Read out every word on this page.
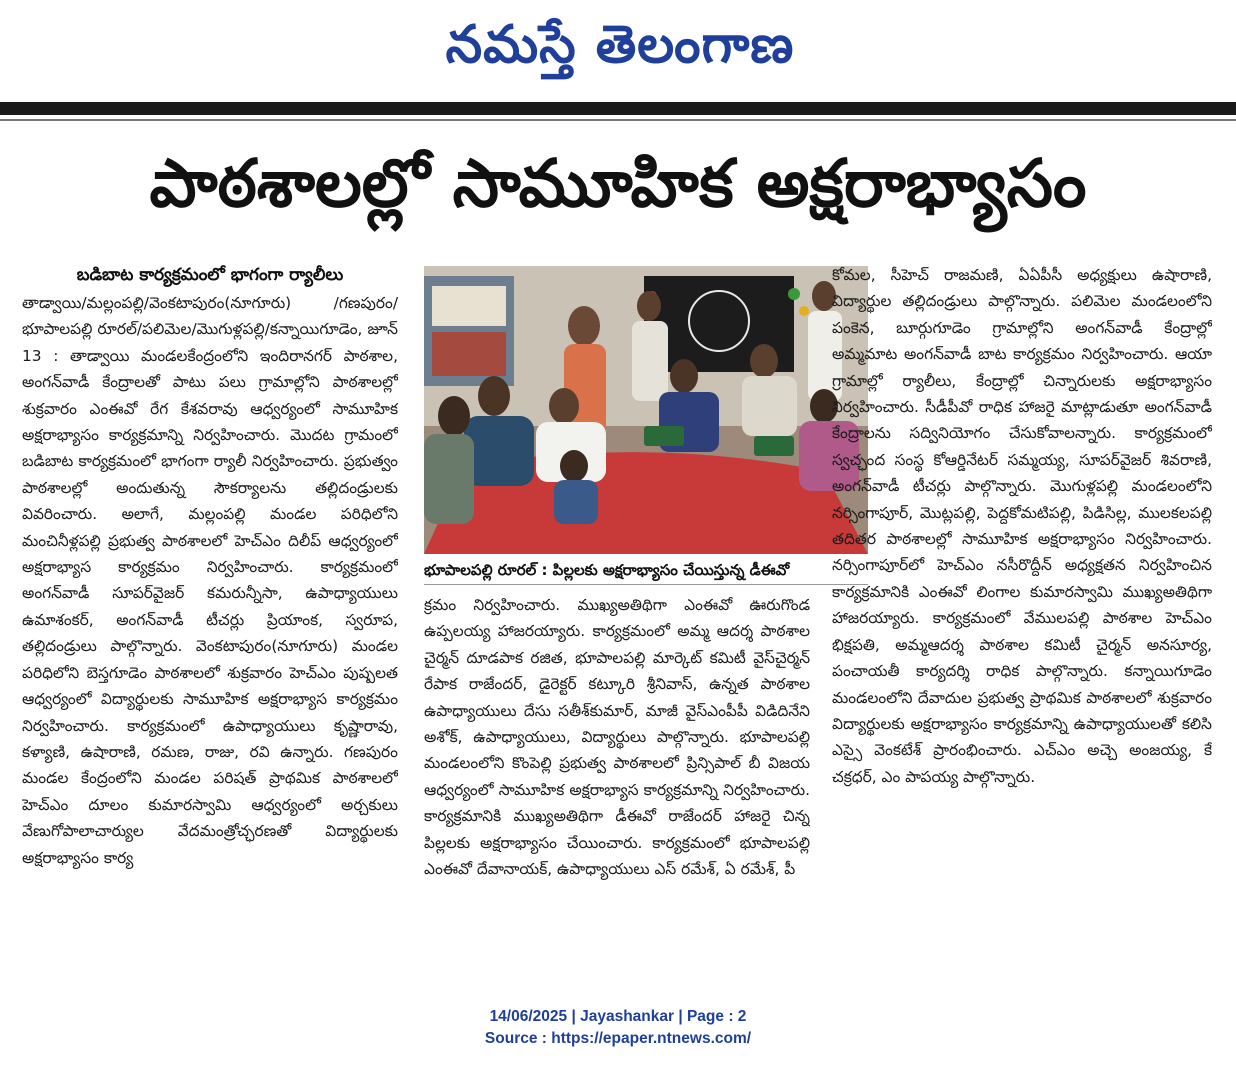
నమస్తే తెలంగాణ
పాఠశాలల్లో సామూహిక అక్షరాభ్యాసం
బడిబాట కార్యక్రమంలో భాగంగా ర్యాలీలు
తాడ్వాయి/మల్లంపల్లి/వెంకటాపురం(నూగూరు) /గణపురం/భూపాలపల్లి రూరల్/పలిమెల/మొగుళ్లపల్లి/కన్నాయిగూడెం, జూన్ 13 : తాడ్వాయి మండలకేంద్రంలోని ఇందిరానగర్ పాఠశాల, అంగన్‌వాడీ కేంద్రాలతో పాటు పలు గ్రామాల్లోని పాఠశాలల్లో శుక్రవారం ఎంఈవో రేగ కేశవరావు ఆధ్వర్యంలో సామూహిక అక్షరాభ్యాసం కార్యక్రమాన్ని నిర్వహించారు. మొదట గ్రామంలో బడిబాట కార్యక్రమంలో భాగంగా ర్యాలీ నిర్వహించారు. ప్రభుత్వం పాఠశాలల్లో అందుతున్న సౌకర్యాలను తల్లిదండ్రులకు వివరించారు. అలాగే, మల్లంపల్లి మండల పరిధిలోని మంచినీళ్లపల్లి ప్రభుత్వ పాఠశాలలో హెచ్‌ఎం దిలీప్ ఆధ్వర్యంలో అక్షరాభ్యాస కార్యక్రమం నిర్వహించారు. కార్యక్రమంలో అంగన్‌వాడీ సూపర్‌వైజర్ కమరున్నీసా, ఉపాధ్యాయులు ఉమాశంకర్, అంగన్‌వాడీ టీచర్లు ప్రియాంక, స్వరూప, తల్లిదండ్రులు పాల్గొన్నారు. వెంకటాపురం(నూగూరు) మండల పరిధిలోని బెస్తగూడెం పాఠశాలలో శుక్రవారం హెచ్‌ఎం పుష్పలత ఆధ్వర్యంలో విద్యార్థులకు సామూహిక అక్షరాభ్యాస కార్యక్రమం నిర్వహించారు. కార్యక్రమంలో ఉపాధ్యాయులు కృష్ణారావు, కళ్యాణి, ఉషారాణి, రమణ, రాజు, రవి ఉన్నారు. గణపురం మండల కేంద్రంలోని మండల పరిషత్ ప్రాథమిక పాఠశాలలో హెచ్‌ఎం దూలం కుమారస్వామి ఆధ్వర్యంలో అర్చకులు వేణుగోపాలాచార్యుల వేదమంత్రోచ్ఛరణతో విద్యార్థులకు అక్షరాభ్యాసం కార్య
భూపాలపల్లి రూరల్ : పిల్లలకు అక్షరాభ్యాసం చేయిస్తున్న డీఈవో
క్రమం నిర్వహించారు. ముఖ్యఅతిథిగా ఎంఈవో ఊరుగొండ ఉప్పలయ్య హాజరయ్యారు. కార్యక్రమంలో అమ్మ ఆదర్శ పాఠశాల చైర్మన్ దూడపాక రజిత, భూపాలపల్లి మార్కెట్ కమిటీ వైస్‌చైర్మన్ రేపాక రాజేందర్, డైరెక్టర్ కట్కూరి శ్రీనివాస్, ఉన్నత పాఠశాల ఉపాధ్యాయులు దేసు సతీశ్‌కుమార్, మాజీ వైస్‌ఎంపీపీ విడిదినేని అశోక్, ఉపాధ్యాయులు, విద్యార్థులు పాల్గొన్నారు. భూపాలపల్లి మండలంలోని కొంపెల్లి ప్రభుత్వ పాఠశాలలో ప్రిన్సిపాల్ బీ విజయ ఆధ్వర్యంలో సామూహిక అక్షరాభ్యాస కార్యక్రమాన్ని నిర్వహించారు. కార్యక్రమానికి ముఖ్యఅతిథిగా డీఈవో రాజేందర్ హాజరై చిన్న పిల్లలకు అక్షరాభ్యాసం చేయించారు. కార్యక్రమంలో భూపాలపల్లి ఎంఈవో దేవానాయక్, ఉపాధ్యాయులు ఎస్ రమేశ్, ఏ రమేశ్, పీ
కోమల, సీహెచ్ రాజమణి, ఏఏపీసీ అధ్యక్షులు ఉషారాణి, విద్యార్థుల తల్లిదండ్రులు పాల్గొన్నారు. పలిమెల మండలంలోని పంకెన, బూర్గుగూడెం గ్రామాల్లోని అంగన్‌వాడీ కేంద్రాల్లో అమ్మమాట అంగన్‌వాడీ బాట కార్యక్రమం నిర్వహించారు. ఆయా గ్రామాల్లో ర్యాలీలు, కేంద్రాల్లో చిన్నారులకు అక్షరాభ్యాసం నిర్వహించారు. సీడీపీవో రాధిక హాజరై మాట్లాడుతూ అంగన్‌వాడీ కేంద్రాలను సద్వినియోగం చేసుకోవాలన్నారు. కార్యక్రమంలో స్వచ్ఛంద సంస్థ కోఆర్డినేటర్ సమ్మయ్య, సూపర్‌వైజర్ శివరాణి, అంగన్‌వాడీ టీచర్లు పాల్గొన్నారు. మొగుళ్లపల్లి మండలంలోని నర్సింగాపూర్, మొట్లపల్లి, పెద్దకోమటిపల్లి, పిడిసిల్ల, ములకలపల్లి తదితర పాఠశాలల్లో సామూహిక అక్షరాభ్యాసం నిర్వహించారు. నర్సింగాపూర్‌లో హెచ్‌ఎం నసీరొద్దీన్ అధ్యక్షతన నిర్వహించిన కార్యక్రమానికి ఎంఈవో లింగాల కుమారస్వామి ముఖ్యఅతిథిగా హాజరయ్యారు. కార్యక్రమంలో వేములపల్లి పాఠశాల హెచ్‌ఎం భిక్షపతి, అమ్మఆదర్శ పాఠశాల కమిటీ చైర్మన్ అనసూర్య, పంచాయతీ కార్యదర్శి రాధిక పాల్గొన్నారు. కన్నాయిగూడెం మండలంలోని దేవాదుల ప్రభుత్వ ప్రాథమిక పాఠశాలలో శుక్రవారం విద్యార్థులకు అక్షరాభ్యాసం కార్యక్రమాన్ని ఉపాధ్యాయులతో కలిసి ఎస్సై వెంకటేశ్ ప్రారంభించారు. ఎచ్‌ఎం అచ్చె అంజయ్య, కే చక్రధర్, ఎం పాపయ్య పాల్గొన్నారు.
14/06/2025 | Jayashankar | Page : 2
Source : https://epaper.ntnews.com/
